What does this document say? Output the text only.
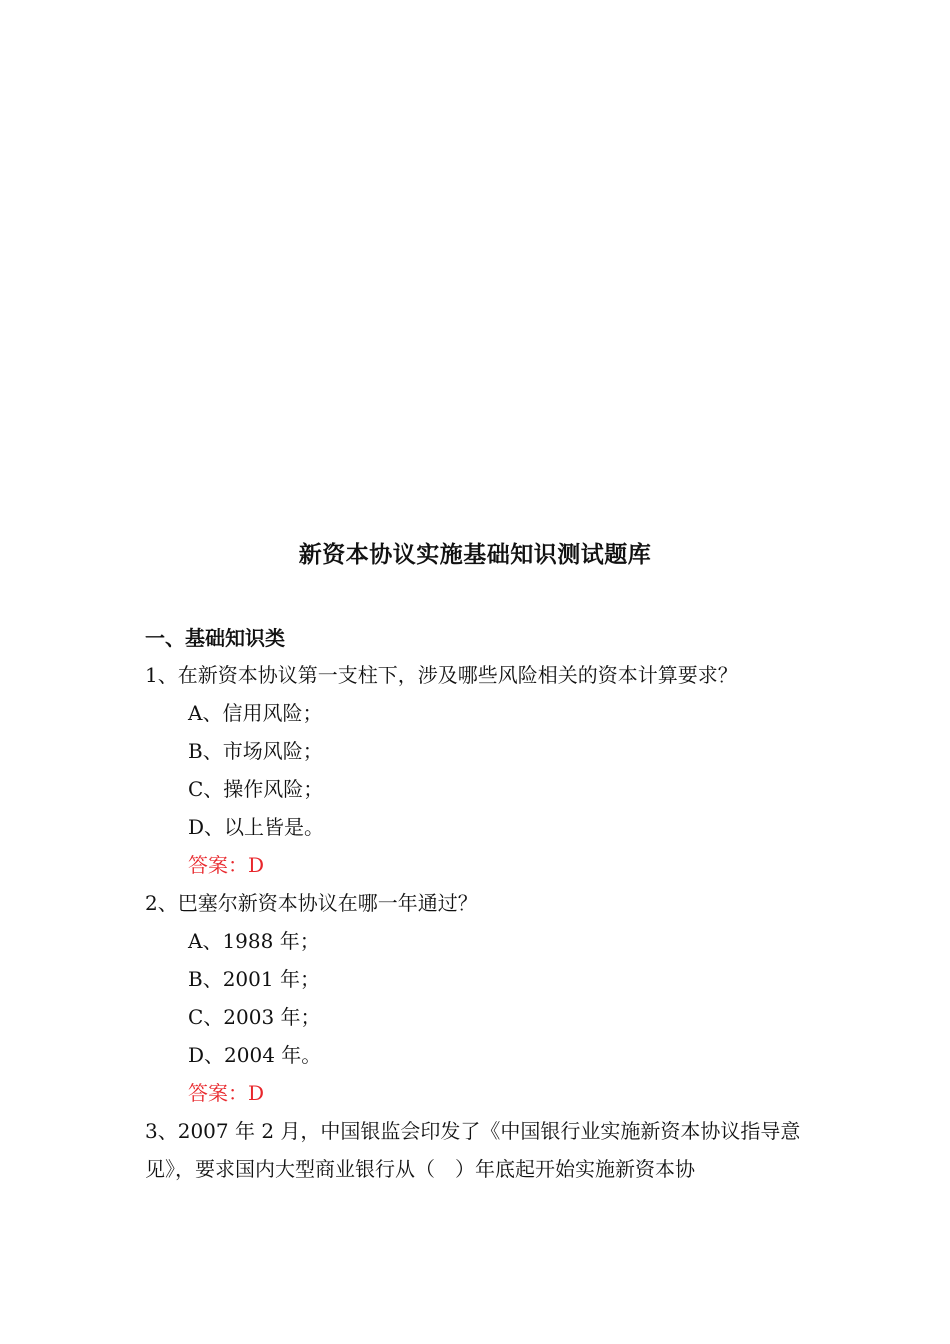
新资本协议实施基础知识测试题库
一、基础知识类

1、在新资本协议第一支柱下，涉及哪些风险相关的资本计算要求？

A、信用风险；

B、市场风险；

C、操作风险；

D、以上皆是。

答案：D

2、巴塞尔新资本协议在哪一年通过？

A、1988 年；

B、2001 年；

C、2003 年；

D、2004 年。

答案：D

3、2007 年 2 月，中国银监会印发了《中国银行业实施新资本协议指导意见》，要求国内大型商业银行从（　）年底起开始实施新资本协
